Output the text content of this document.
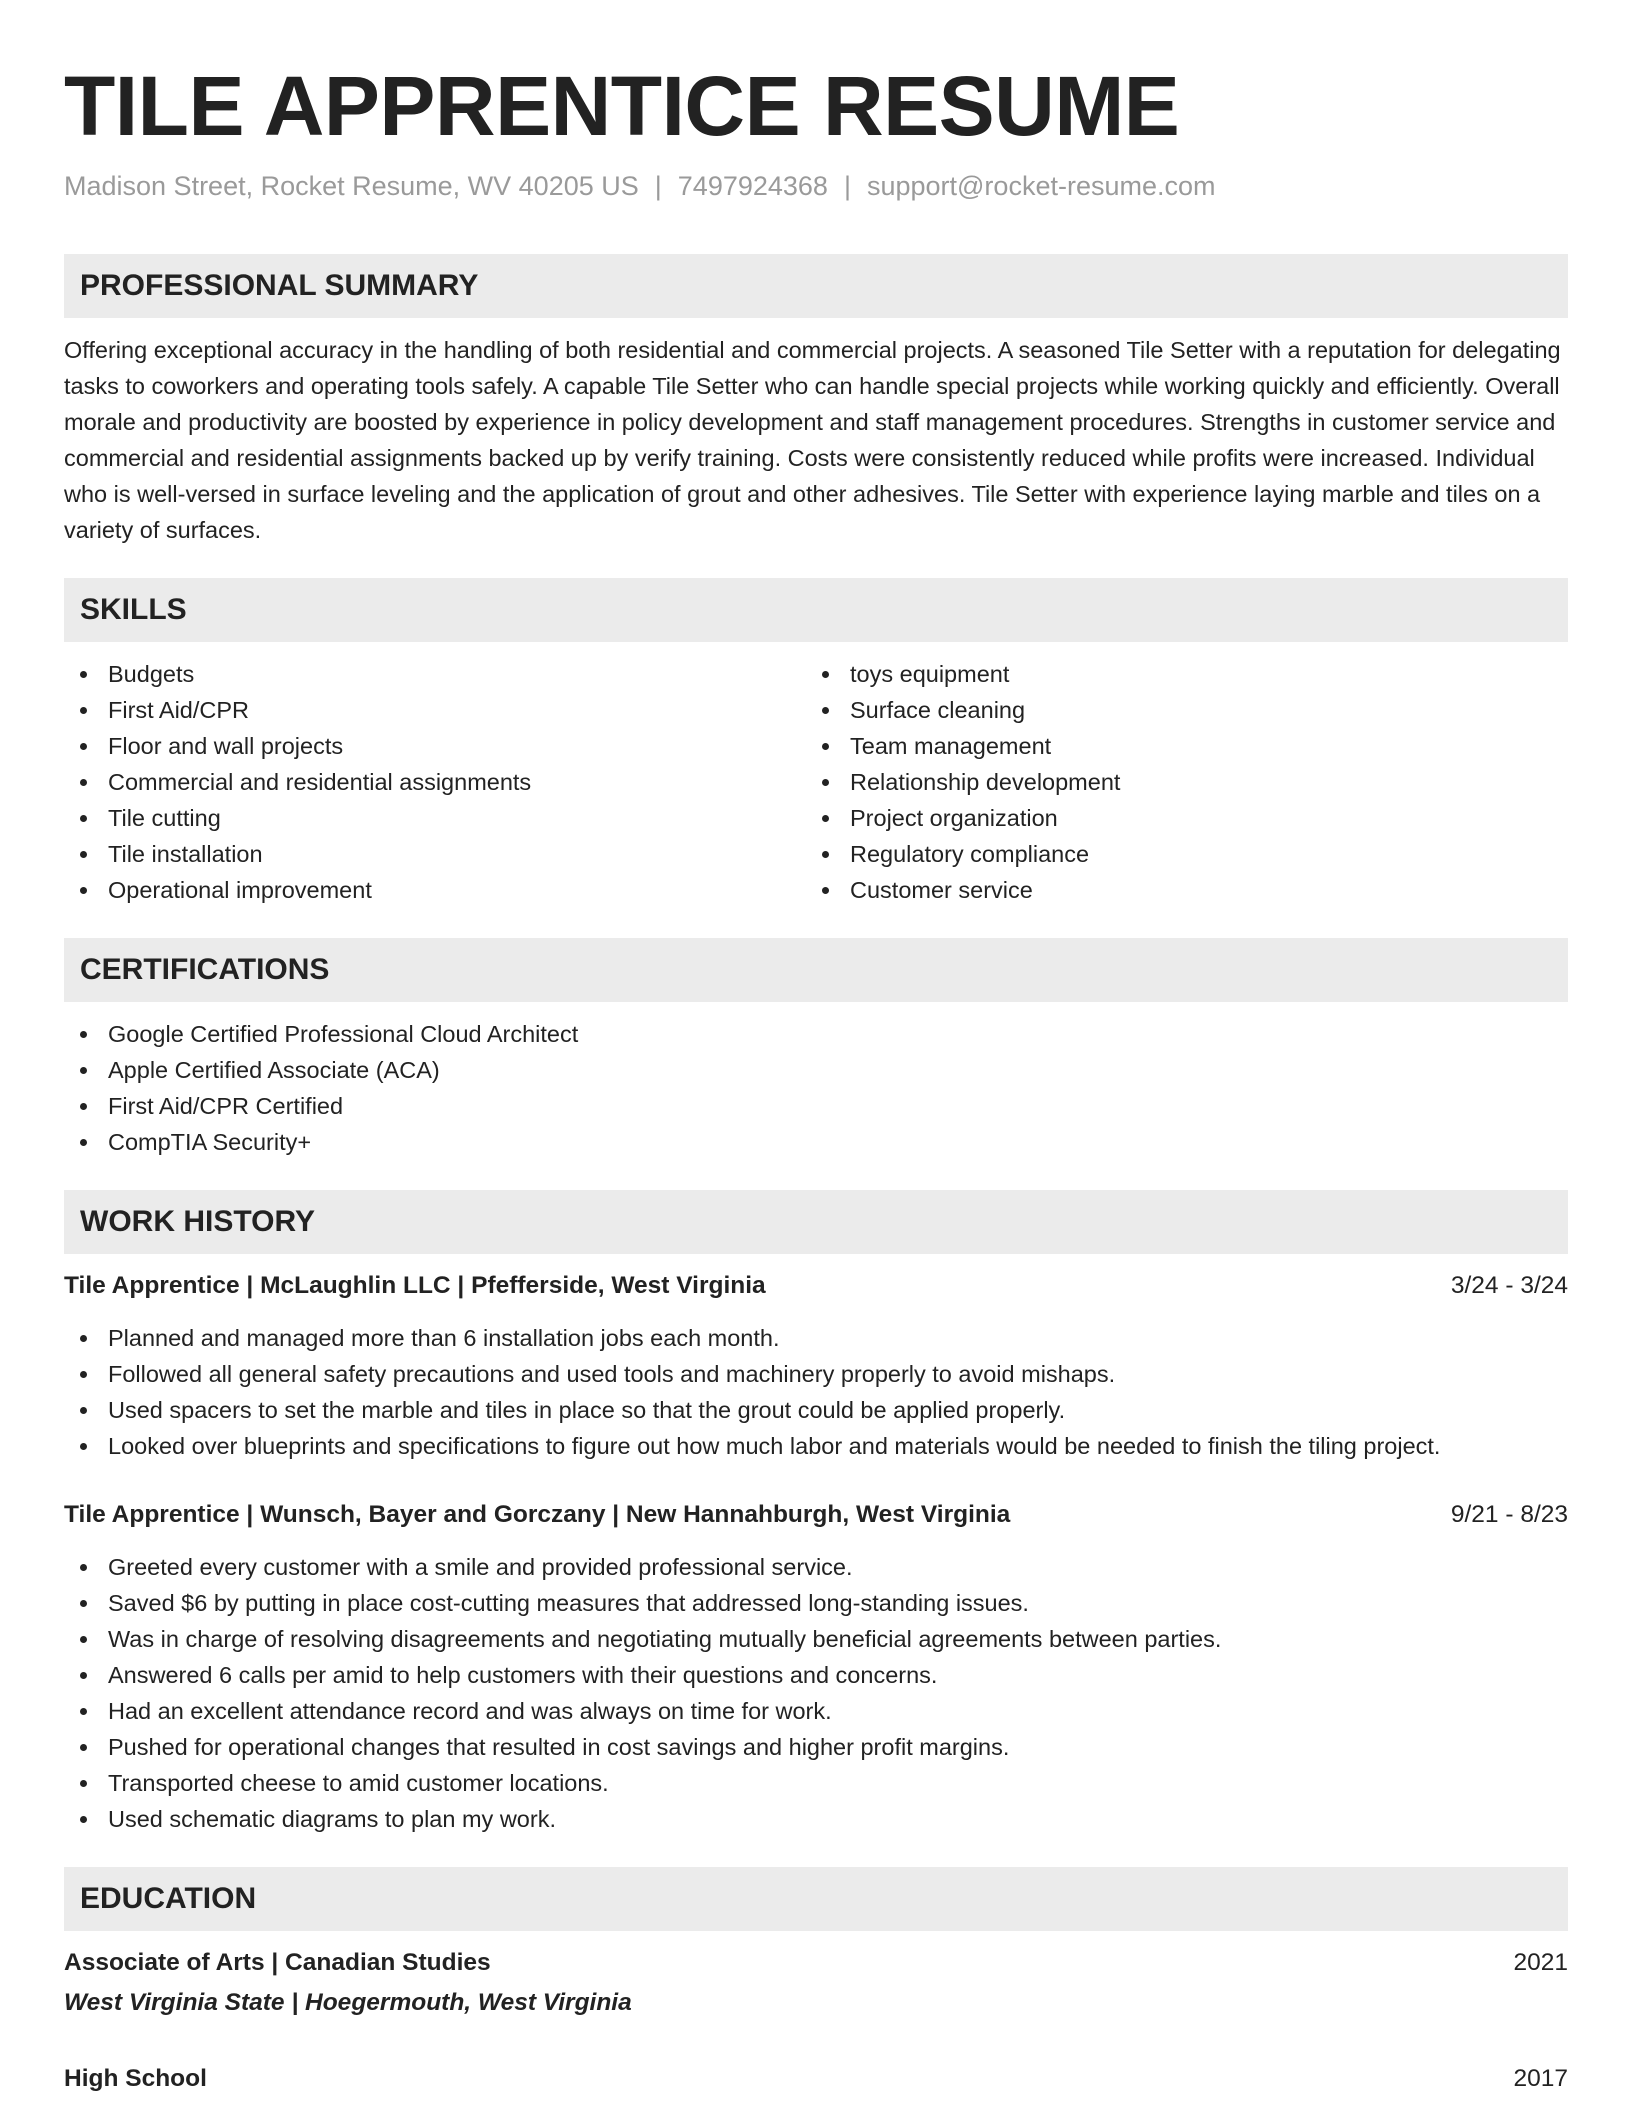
TILE APPRENTICE RESUME
Madison Street, Rocket Resume, WV 40205 US | 7497924368 | support@rocket-resume.com
PROFESSIONAL SUMMARY

Offering exceptional accuracy in the handling of both residential and commercial projects. A seasoned Tile Setter with a reputation for delegating tasks to coworkers and operating tools safely. A capable Tile Setter who can handle special projects while working quickly and efficiently. Overall morale and productivity are boosted by experience in policy development and staff management procedures. Strengths in customer service and commercial and residential assignments backed up by verify training. Costs were consistently reduced while profits were increased. Individual who is well-versed in surface leveling and the application of grout and other adhesives. Tile Setter with experience laying marble and tiles on a variety of surfaces.

SKILLS
Budgets
First Aid/CPR
Floor and wall projects
Commercial and residential assignments
Tile cutting
Tile installation
Operational improvement
toys equipment
Surface cleaning
Team management
Relationship development
Project organization
Regulatory compliance
Customer service
CERTIFICATIONS
Google Certified Professional Cloud Architect
Apple Certified Associate (ACA)
First Aid/CPR Certified
CompTIA Security+
WORK HISTORY
Tile Apprentice | McLaughlin LLC | Pfefferside, West Virginia	3/24 - 3/24
Planned and managed more than 6 installation jobs each month.
Followed all general safety precautions and used tools and machinery properly to avoid mishaps.
Used spacers to set the marble and tiles in place so that the grout could be applied properly.
Looked over blueprints and specifications to figure out how much labor and materials would be needed to finish the tiling project.
Tile Apprentice | Wunsch, Bayer and Gorczany | New Hannahburgh, West Virginia	9/21 - 8/23
Greeted every customer with a smile and provided professional service.
Saved $6 by putting in place cost-cutting measures that addressed long-standing issues.
Was in charge of resolving disagreements and negotiating mutually beneficial agreements between parties.
Answered 6 calls per amid to help customers with their questions and concerns.
Had an excellent attendance record and was always on time for work.
Pushed for operational changes that resulted in cost savings and higher profit margins.
Transported cheese to amid customer locations.
Used schematic diagrams to plan my work.
EDUCATION
Associate of Arts | Canadian Studies	2021
West Virginia State | Hoegermouth, West Virginia
High School	2017
